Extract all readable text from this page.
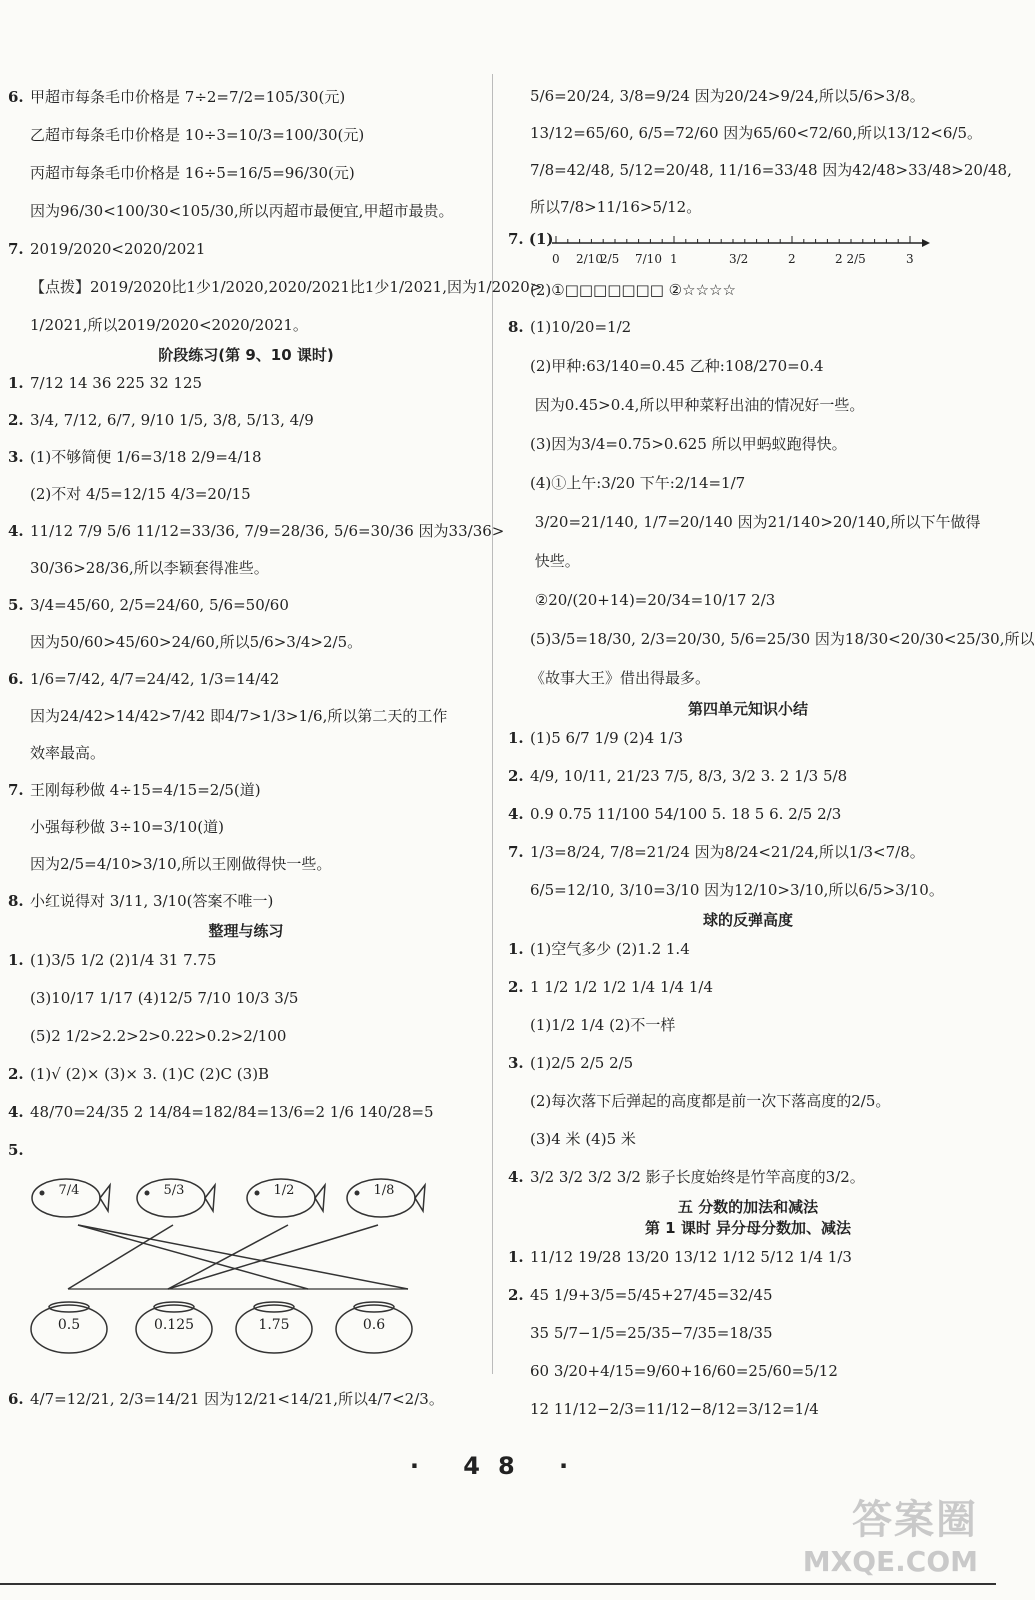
6. 甲超市每条毛巾价格是 7÷2=7/2=105/30(元)
乙超市每条毛巾价格是 10÷3=10/3=100/30(元)
丙超市每条毛巾价格是 16÷5=16/5=96/30(元)
因为96/30<100/30<105/30,所以丙超市最便宜,甲超市最贵。
7. 2019/2020<2020/2021
【点拨】2019/2020比1少1/2020,2020/2021比1少1/2021,因为1/2020>
1/2021,所以2019/2020<2020/2021。
阶段练习(第 9、10 课时)
1. 7/12 14 36 225 32 125
2. 3/4, 7/12, 6/7, 9/10 1/5, 3/8, 5/13, 4/9
3. (1)不够简便 1/6=3/18 2/9=4/18
(2)不对 4/5=12/15 4/3=20/15
4. 11/12 7/9 5/6 11/12=33/36, 7/9=28/36, 5/6=30/36 因为33/36>
30/36>28/36,所以李颖套得准些。
5. 3/4=45/60, 2/5=24/60, 5/6=50/60
因为50/60>45/60>24/60,所以5/6>3/4>2/5。
6. 1/6=7/42, 4/7=24/42, 1/3=14/42
因为24/42>14/42>7/42 即4/7>1/3>1/6,所以第二天的工作
效率最高。
7. 王刚每秒做 4÷15=4/15=2/5(道)
小强每秒做 3÷10=3/10(道)
因为2/5=4/10>3/10,所以王刚做得快一些。
8. 小红说得对 3/11, 3/10(答案不唯一)
整理与练习
1. (1)3/5 1/2 (2)1/4 31 7.75
(3)10/17 1/17 (4)12/5 7/10 10/3 3/5
(5)2 1/2>2.2>2>0.22>0.2>2/100
2. (1)√ (2)× (3)× 3. (1)C (2)C (3)B
4. 48/70=24/35 2 14/84=182/84=13/6=2 1/6 140/28=5
5.
7/4	5/3	1/2	1/8
0.5	0.125	1.75	0.6
6. 4/7=12/21, 2/3=14/21 因为12/21<14/21,所以4/7<2/3。
5/6=20/24, 3/8=9/24 因为20/24>9/24,所以5/6>3/8。
13/12=65/60, 6/5=72/60 因为65/60<72/60,所以13/12<6/5。
7/8=42/48, 5/12=20/48, 11/16=33/48 因为42/48>33/48>20/48,
所以7/8>11/16>5/12。
7. (1)
0 2/10
2/5 7/10 1	3/2	2	2 2/5	3
(2)①□□□□□□□ ②☆☆☆☆
8. (1)10/20=1/2
(2)甲种:63/140=0.45 乙种:108/270=0.4
因为0.45>0.4,所以甲种菜籽出油的情况好一些。
(3)因为3/4=0.75>0.625 所以甲蚂蚁跑得快。
(4)①上午:3/20 下午:2/14=1/7
3/20=21/140, 1/7=20/140 因为21/140>20/140,所以下午做得
快些。
②20/(20+14)=20/34=10/17 2/3
(5)3/5=18/30, 2/3=20/30, 5/6=25/30 因为18/30<20/30<25/30,所以
《故事大王》借出得最多。
第四单元知识小结
1. (1)5 6/7 1/9 (2)4 1/3
2. 4/9, 10/11, 21/23 7/5, 8/3, 3/2 3. 2 1/3 5/8
4. 0.9 0.75 11/100 54/100 5. 18 5 6. 2/5 2/3
7. 1/3=8/24, 7/8=21/24 因为8/24<21/24,所以1/3<7/8。
6/5=12/10, 3/10=3/10 因为12/10>3/10,所以6/5>3/10。
球的反弹高度
1. (1)空气多少 (2)1.2 1.4
2. 1 1/2 1/2 1/2 1/4 1/4 1/4
(1)1/2 1/4 (2)不一样
3. (1)2/5 2/5 2/5
(2)每次落下后弹起的高度都是前一次下落高度的2/5。
(3)4 米 (4)5 米
4. 3/2 3/2 3/2 3/2 影子长度始终是竹竿高度的3/2。
五 分数的加法和减法
第 1 课时 异分母分数加、减法
1. 11/12 19/28 13/20 13/12 1/12 5/12 1/4 1/3
2. 45 1/9+3/5=5/45+27/45=32/45
35 5/7−1/5=25/35−7/35=18/35
60 3/20+4/15=9/60+16/60=25/60=5/12
12 11/12−2/3=11/12−8/12=3/12=1/4
· 48 ·
答案圈
MXQE.COM
